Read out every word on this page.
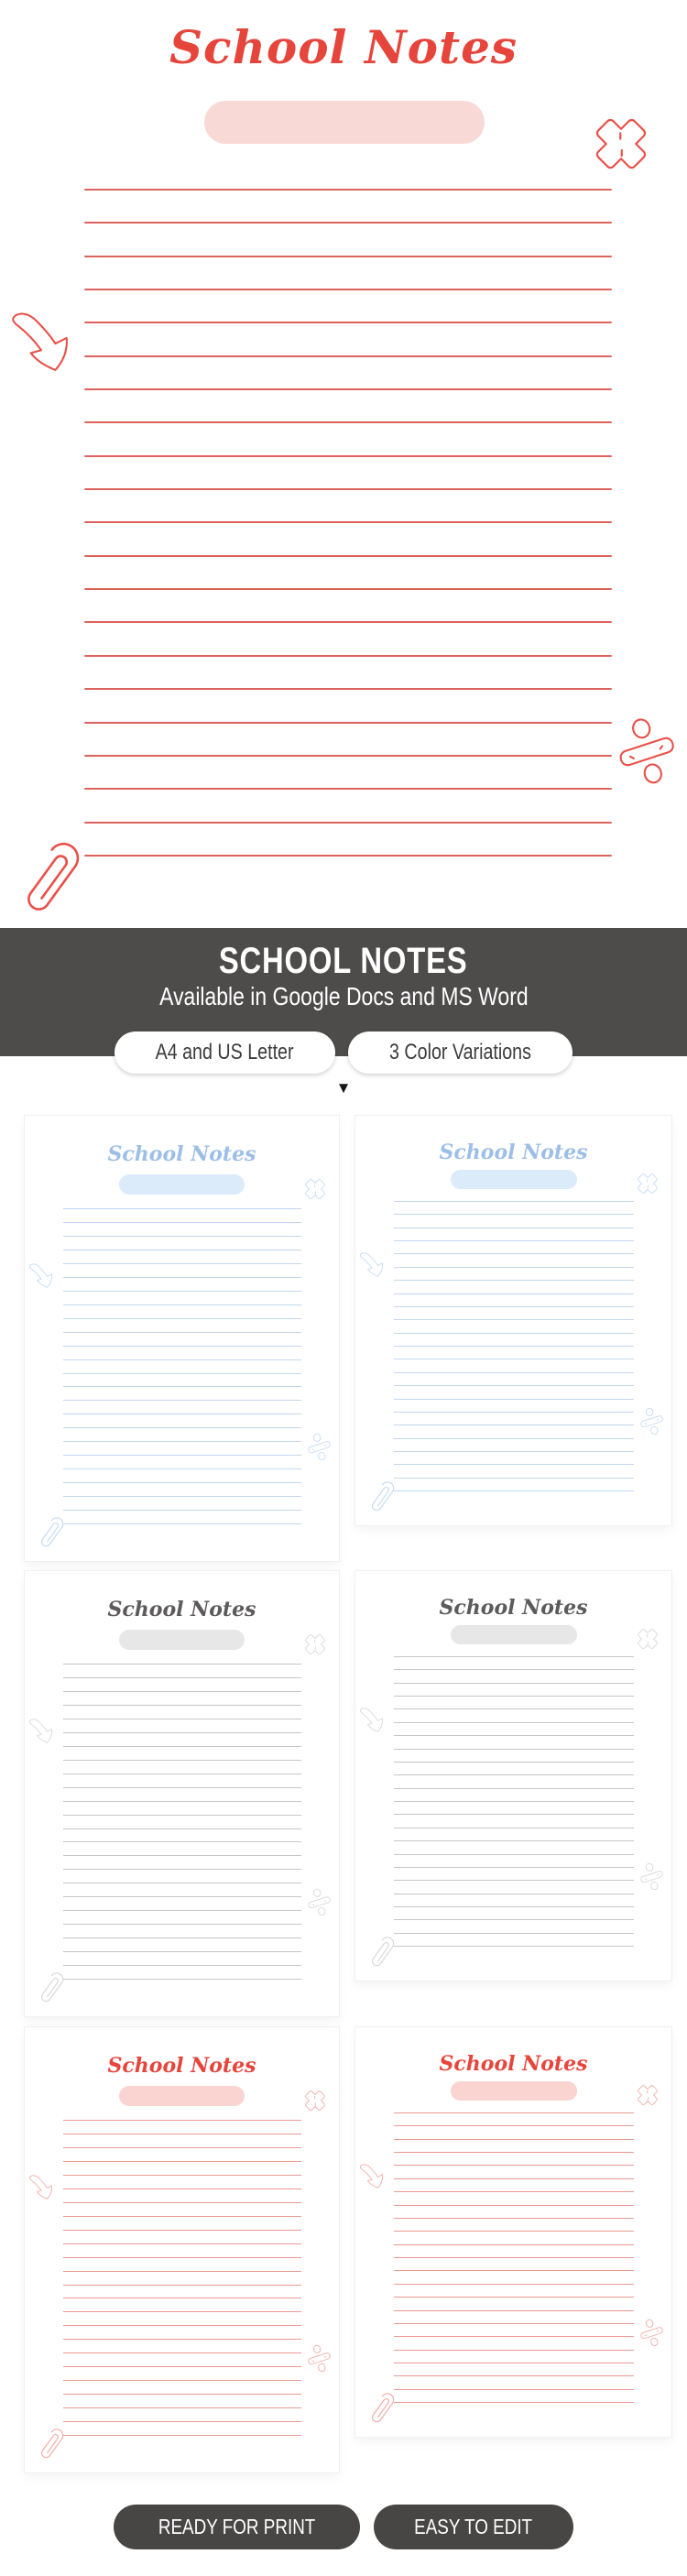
School Notes
SCHOOL NOTES
Available in Google Docs and MS Word
A4 and US Letter	3 Color Variations
▼
School Notes	School Notes
School Notes	School Notes
School Notes	School Notes
READY FOR PRINT	EASY TO EDIT
